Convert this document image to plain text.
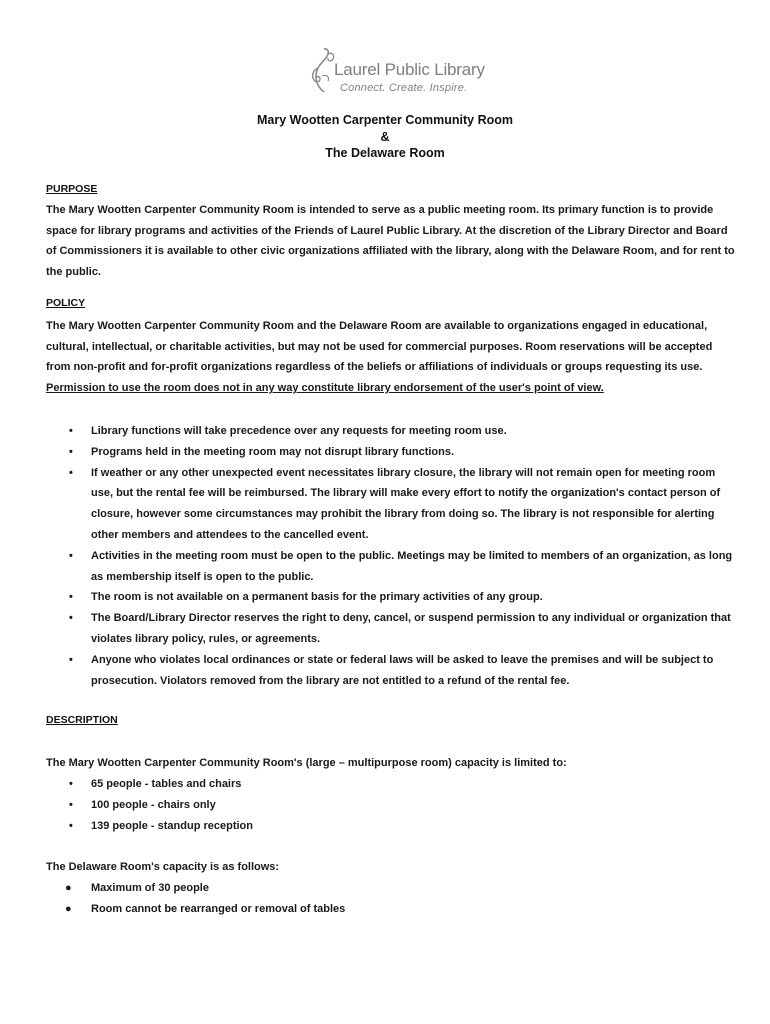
Laurel Public Library
Connect. Create. Inspire.
Mary Wootten Carpenter Community Room
&
The Delaware Room
PURPOSE
The Mary Wootten Carpenter Community Room is intended to serve as a public meeting room. Its primary function is to provide space for library programs and activities of the Friends of Laurel Public Library. At the discretion of the Library Director and Board of Commissioners it is available to other civic organizations affiliated with the library, along with the Delaware Room, and for rent to the public.
POLICY
The Mary Wootten Carpenter Community Room and the Delaware Room are available to organizations engaged in educational, cultural, intellectual, or charitable activities, but may not be used for commercial purposes. Room reservations will be accepted from non-profit and for-profit organizations regardless of the beliefs or affiliations of individuals or groups requesting its use. Permission to use the room does not in any way constitute library endorsement of the user's point of view.
• Library functions will take precedence over any requests for meeting room use.
• Programs held in the meeting room may not disrupt library functions.
• If weather or any other unexpected event necessitates library closure, the library will not remain open for meeting room use, but the rental fee will be reimbursed. The library will make every effort to notify the organization's contact person of closure, however some circumstances may prohibit the library from doing so. The library is not responsible for alerting other members and attendees to the cancelled event.
• Activities in the meeting room must be open to the public. Meetings may be limited to members of an organization, as long as membership itself is open to the public.
• The room is not available on a permanent basis for the primary activities of any group.
• The Board/Library Director reserves the right to deny, cancel, or suspend permission to any individual or organization that violates library policy, rules, or agreements.
• Anyone who violates local ordinances or state or federal laws will be asked to leave the premises and will be subject to prosecution. Violators removed from the library are not entitled to a refund of the rental fee.
DESCRIPTION
The Mary Wootten Carpenter Community Room's (large – multipurpose room) capacity is limited to:
• 65 people - tables and chairs
• 100 people - chairs only
• 139 people - standup reception
The Delaware Room's capacity is as follows:
● Maximum of 30 people
● Room cannot be rearranged or removal of tables
